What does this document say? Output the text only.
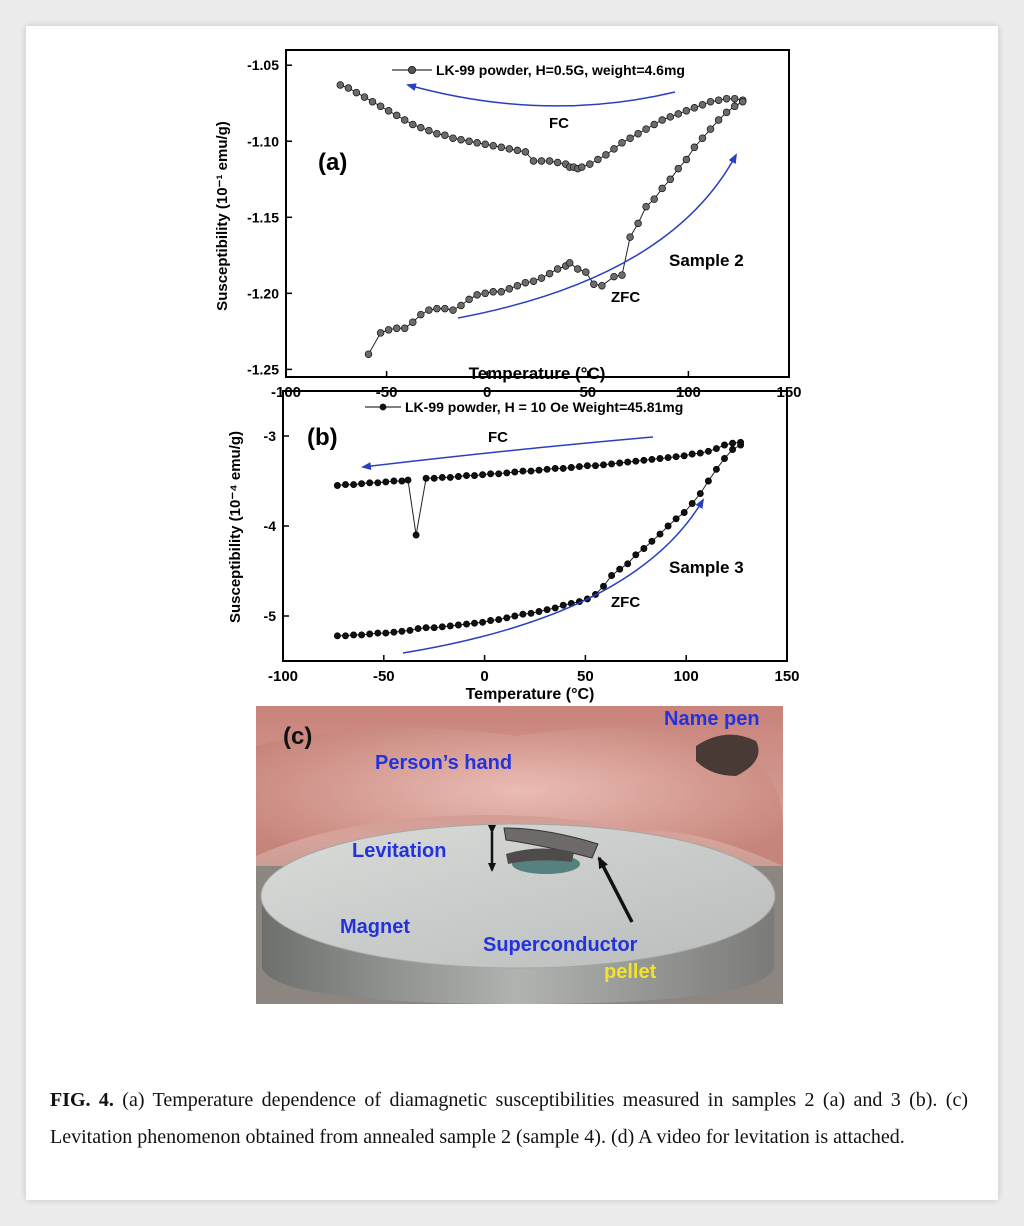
-100	-50	0	50	100	150
-1.05
-1.10
-1.15
-1.20
-1.25
(a)
LK-99 powder, H=0.5G, weight=4.6mg
FC
Sample 2
ZFC
Susceptibility (10⁻¹ emu/g)
Temperature (°C)
-100	-50	0	50	100	150
-3
-4
-5
(b)
LK-99 powder, H = 10 Oe Weight=45.81mg
FC
Sample 3
ZFC
Susceptibility (10⁻⁴ emu/g)
Temperature (°C)
(c)
Name pen
Person’s hand
Levitation
Magnet
Superconductor
pellet
FIG. 4. (a) Temperature dependence of diamagnetic susceptibilities measured in samples 2 (a) and 3 (b). (c) Levitation phenomenon obtained from annealed sample 2 (sample 4). (d) A video for levitation is attached.
